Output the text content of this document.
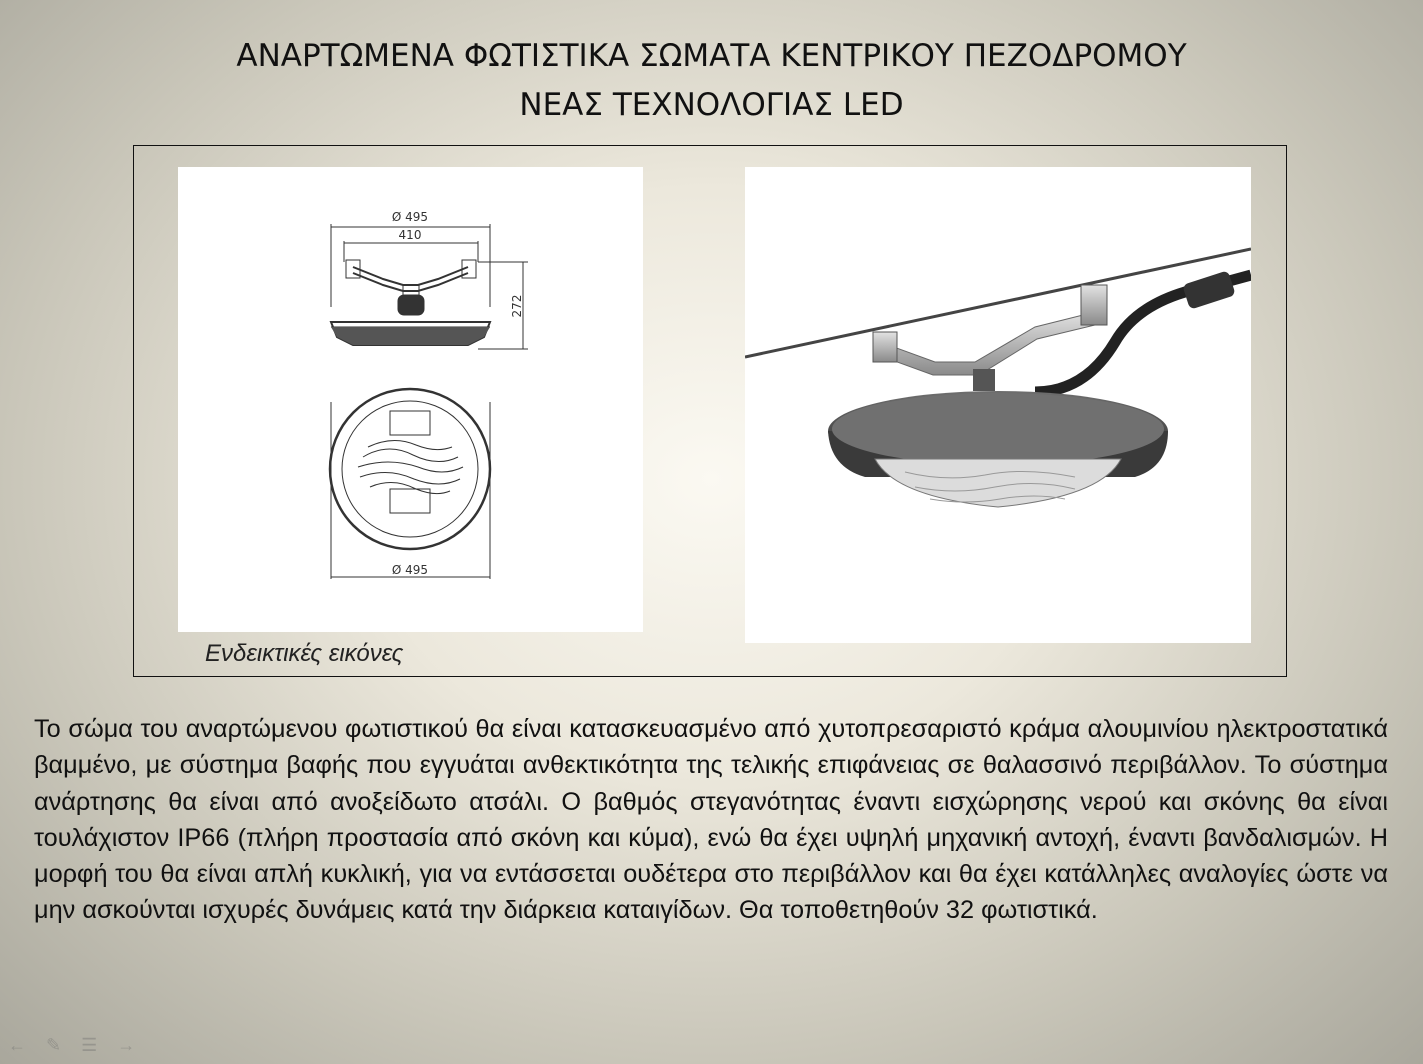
ΑΝΑΡΤΩΜΕΝΑ ΦΩΤΙΣΤΙΚΑ ΣΩΜΑΤΑ ΚΕΝΤΡΙΚΟΥ ΠΕΖΟΔΡΟΜΟΥ
ΝΕΑΣ ΤΕΧΝΟΛΟΓΙΑΣ LED
Ø 495
410
Ø 495
272
Ενδεικτικές εικόνες

Το σώμα του αναρτώμενου φωτιστικού θα είναι κατασκευασμένο από χυτοπρεσαριστό κράμα αλουμινίου ηλεκτροστατικά βαμμένο, με σύστημα βαφής που εγγυάται ανθεκτικότητα της τελικής επιφάνειας σε θαλασσινό περιβάλλον. Το σύστημα ανάρτησης θα είναι από ανοξείδωτο ατσάλι. Ο βαθμός στεγανότητας έναντι εισχώρησης νερού και σκόνης θα είναι τουλάχιστον IP66 (πλήρη προστασία από σκόνη και κύμα), ενώ θα έχει υψηλή μηχανική αντοχή, έναντι βανδαλισμών. Η μορφή του θα είναι απλή κυκλική, για να εντάσσεται ουδέτερα στο περιβάλλον και θα έχει κατάλληλες αναλογίες ώστε να μην ασκούνται ισχυρές δυνάμεις κατά την διάρκεια καταιγίδων. Θα τοποθετηθούν 32 φωτιστικά.

← ✎ ☰ →
